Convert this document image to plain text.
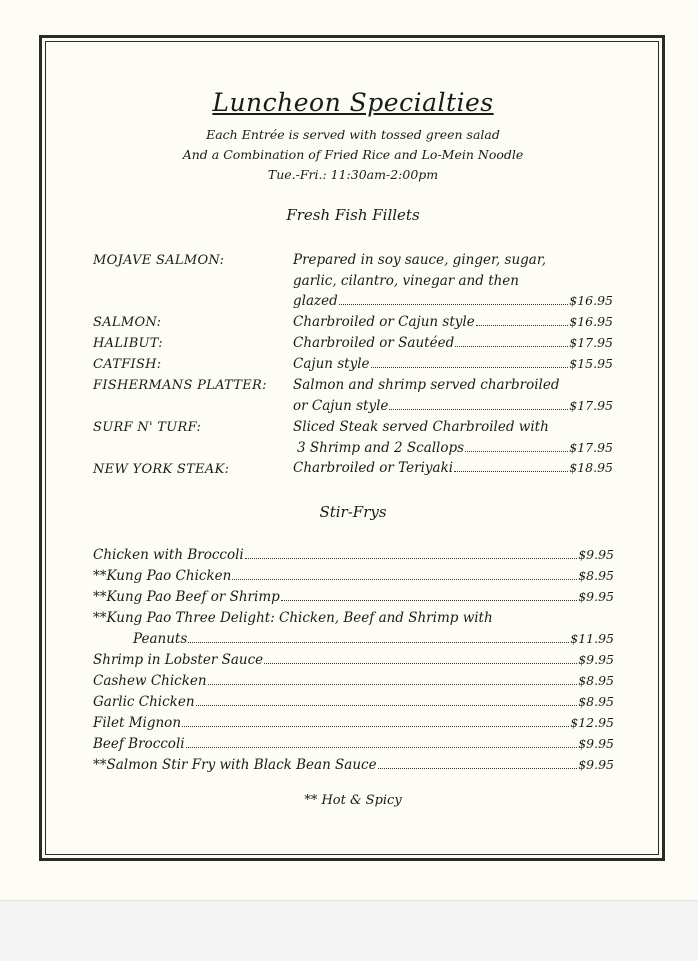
Luncheon Specialties
Each Entrée is served with tossed green salad
And a Combination of Fried Rice and Lo-Mein Noodle
Tue.-Fri.: 11:30am-2:00pm
Fresh Fish Fillets
MOJAVE SALMON:	Prepared in soy sauce, ginger, sugar,
garlic, cilantro, vinegar and then
glazed	$16.95
SALMON:	Charbroiled or Cajun style	$16.95
HALIBUT:	Charbroiled or Sautéed	$17.95
CATFISH:	Cajun style	$15.95
FISHERMANS PLATTER: Salmon and shrimp served charbroiled
or Cajun style	$17.95
SURF N' TURF:	Sliced Steak served Charbroiled with
3 Shrimp and 2 Scallops	$17.95
NEW YORK STEAK:	Charbroiled or Teriyaki	$18.95
Stir-Frys
Chicken with Broccoli	$9.95
**Kung Pao Chicken	$8.95
**Kung Pao Beef or Shrimp	$9.95
**Kung Pao Three Delight: Chicken, Beef and Shrimp with
Peanuts	$11.95
Shrimp in Lobster Sauce	$9.95
Cashew Chicken	$8.95
Garlic Chicken	$8.95
Filet Mignon	$12.95
Beef Broccoli	$9.95
**Salmon Stir Fry with Black Bean Sauce	$9.95
** Hot & Spicy
